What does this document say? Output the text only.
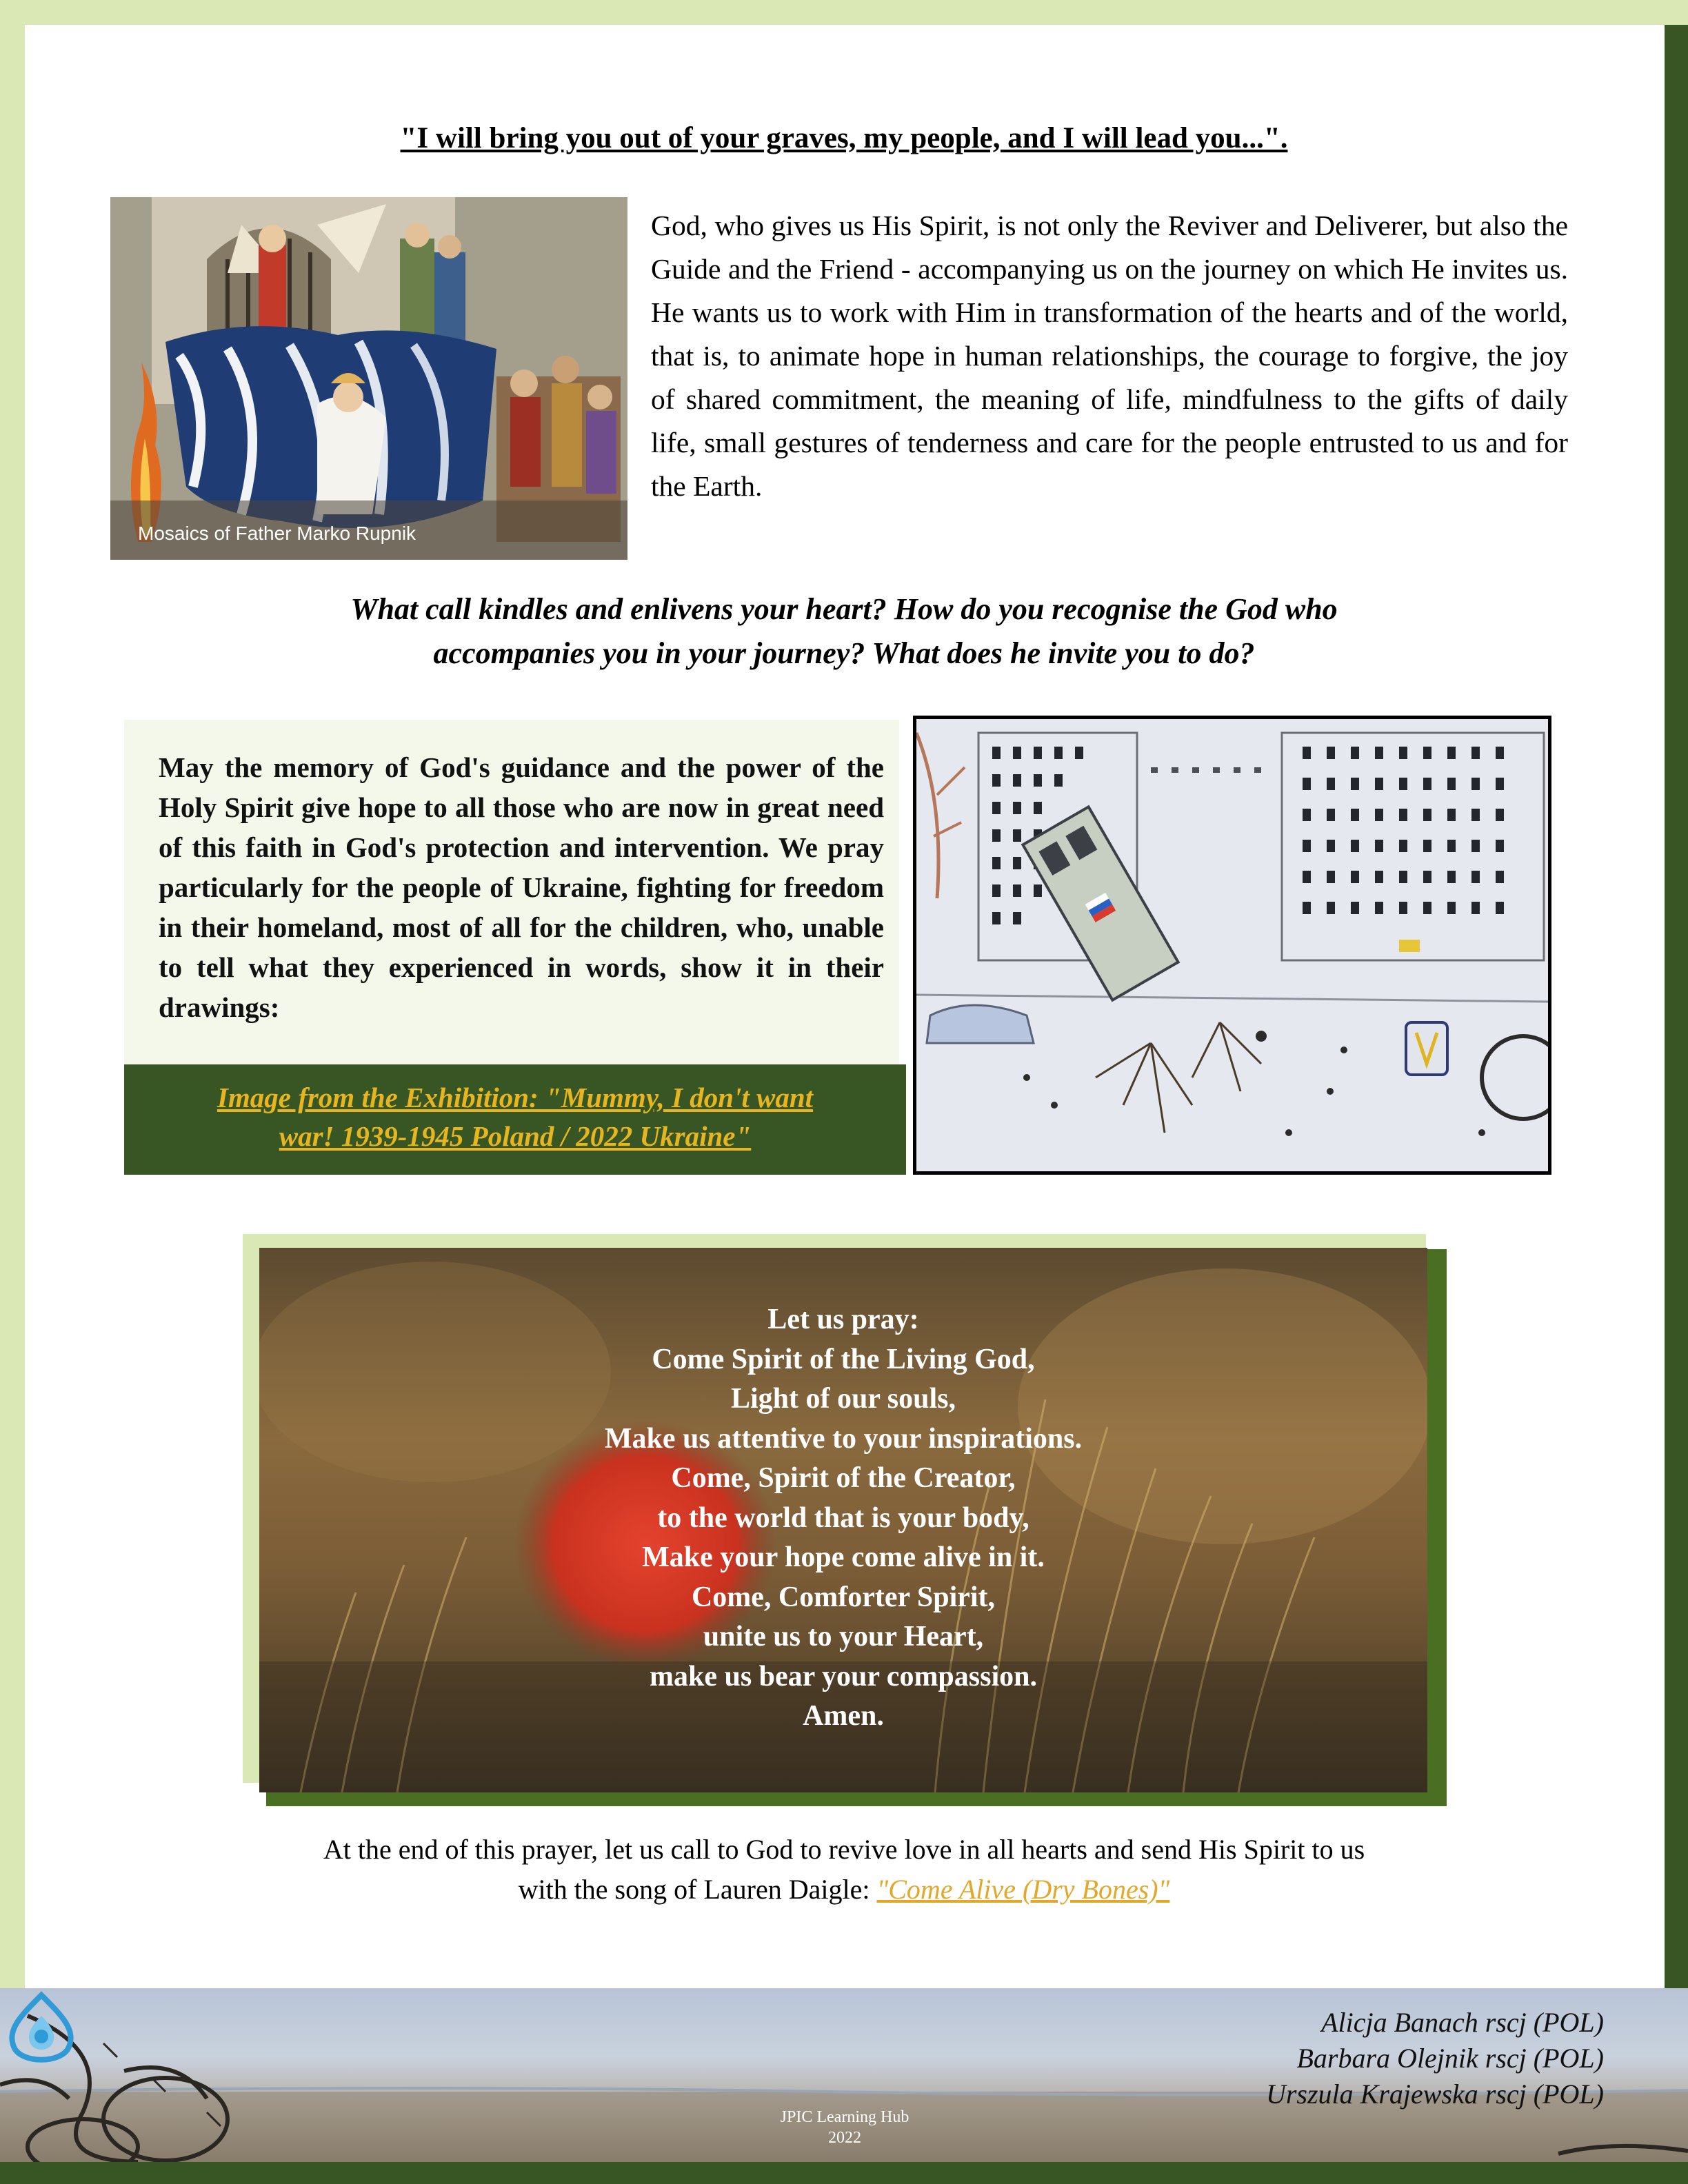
"I will bring you out of your graves, my people, and I will lead you...".
Mosaics of Father Marko Rupnik
God, who gives us His Spirit, is not only the Reviver and Deliverer, but also the Guide and the Friend - accompanying us on the journey on which He invites us. He wants us to work with Him in transformation of the hearts and of the world, that is, to animate hope in human relationships, the courage to forgive, the joy of shared commitment, the meaning of life, mindfulness to the gifts of daily life, small gestures of tenderness and care for the people entrusted to us and for the Earth.
What call kindles and enlivens your heart? How do you recognise the God who
accompanies you in your journey? What does he invite you to do?
May the memory of God's guidance and the power of the Holy Spirit give hope to all those who are now in great need of this faith in God's protection and intervention. We pray particularly for the people of Ukraine, fighting for freedom in their homeland, most of all for the children, who, unable to tell what they experienced in words, show it in their drawings:
Image from the Exhibition: "Mummy, I don't want
war! 1939-1945 Poland / 2022 Ukraine"
Let us pray:
Come Spirit of the Living God,
Light of our souls,
Make us attentive to your inspirations.
Come, Spirit of the Creator,
to the world that is your body,
Make your hope come alive in it.
Come, Comforter Spirit,
unite us to your Heart,
make us bear your compassion.
Amen.
At the end of this prayer, let us call to God to revive love in all hearts and send His Spirit to us
with the song of Lauren Daigle: "Come Alive (Dry Bones)"
JPIC Learning Hub
2022
Alicja Banach rscj (POL)
Barbara Olejnik rscj (POL)
Urszula Krajewska rscj (POL)
